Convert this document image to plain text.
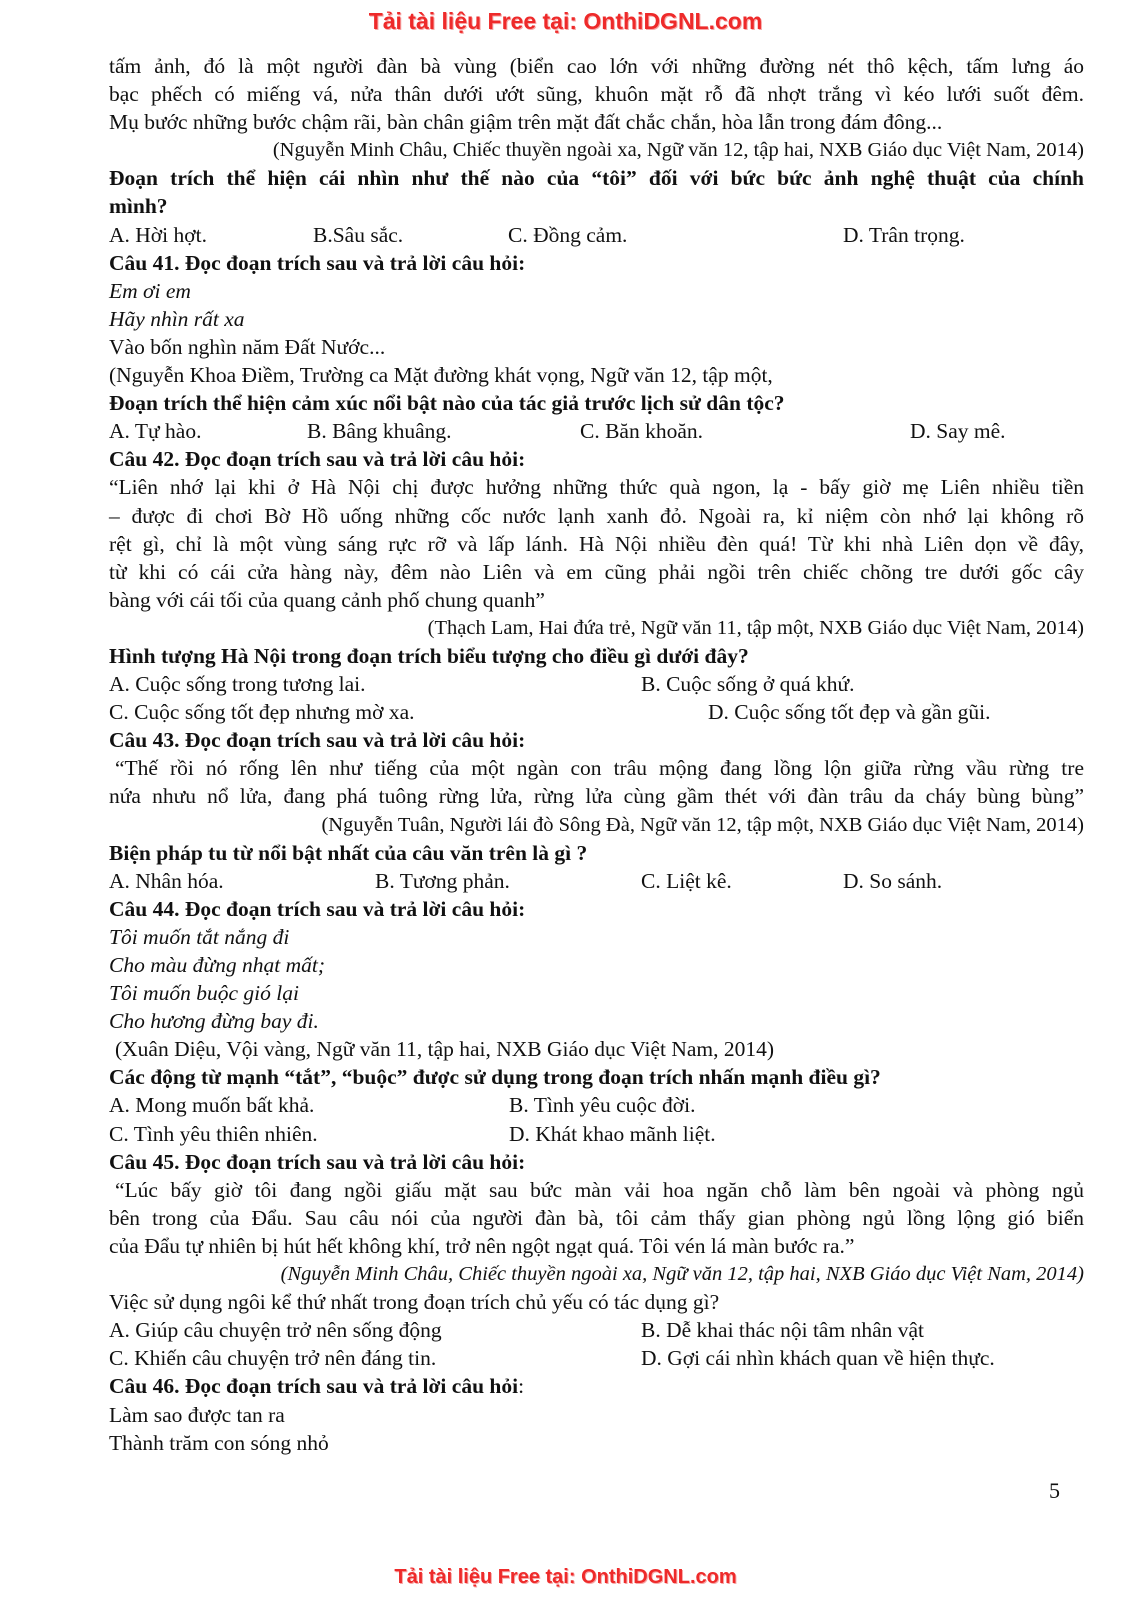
Tải tài liệu Free tại: OnthiDGNL.com
tấm ảnh, đó là một người đàn bà vùng (biển cao lớn với những đường nét thô kệch, tấm lưng áo
bạc phếch có miếng vá, nửa thân dưới ướt sũng, khuôn mặt rỗ đã nhợt trắng vì kéo lưới suốt đêm.
Mụ bước những bước chậm rãi, bàn chân giậm trên mặt đất chắc chắn, hòa lẫn trong đám đông...
(Nguyễn Minh Châu, Chiếc thuyền ngoài xa, Ngữ văn 12, tập hai, NXB Giáo dục Việt Nam, 2014)
Đoạn trích thể hiện cái nhìn như thế nào của “tôi” đối với bức bức ảnh nghệ thuật của chính
mình?
A. Hời hợt.	B.Sâu sắc.	C. Đồng cảm.	D. Trân trọng.
Câu 41. Đọc đoạn trích sau và trả lời câu hỏi:
Em ơi em
Hãy nhìn rất xa
Vào bốn nghìn năm Đất Nước...
(Nguyễn Khoa Điềm, Trường ca Mặt đường khát vọng, Ngữ văn 12, tập một,
Đoạn trích thể hiện cảm xúc nổi bật nào của tác giả trước lịch sử dân tộc?
A. Tự hào.	B. Bâng khuâng.	C. Băn khoăn.	D. Say mê.
Câu 42. Đọc đoạn trích sau và trả lời câu hỏi:
“Liên nhớ lại khi ở Hà Nội chị được hưởng những thức quà ngon, lạ - bấy giờ mẹ Liên nhiều tiền
– được đi chơi Bờ Hồ uống những cốc nước lạnh xanh đỏ. Ngoài ra, kỉ niệm còn nhớ lại không rõ
rệt gì, chỉ là một vùng sáng rực rỡ và lấp lánh. Hà Nội nhiều đèn quá! Từ khi nhà Liên dọn về đây,
từ khi có cái cửa hàng này, đêm nào Liên và em cũng phải ngồi trên chiếc chõng tre dưới gốc cây
bàng với cái tối của quang cảnh phố chung quanh”
(Thạch Lam, Hai đứa trẻ, Ngữ văn 11, tập một, NXB Giáo dục Việt Nam, 2014)
Hình tượng Hà Nội trong đoạn trích biểu tượng cho điều gì dưới đây?
A. Cuộc sống trong tương lai.	B. Cuộc sống ở quá khứ.
C. Cuộc sống tốt đẹp nhưng mờ xa.	D. Cuộc sống tốt đẹp và gần gũi.
Câu 43. Đọc đoạn trích sau và trả lời câu hỏi:
“Thế rồi nó rống lên như tiếng của một ngàn con trâu mộng đang lồng lộn giữa rừng vầu rừng tre
nứa nhưu nổ lửa, đang phá tuông rừng lửa, rừng lửa cùng gầm thét với đàn trâu da cháy bùng bùng”
(Nguyễn Tuân, Người lái đò Sông Đà, Ngữ văn 12, tập một, NXB Giáo dục Việt Nam, 2014)
Biện pháp tu từ nổi bật nhất của câu văn trên là gì ?
A. Nhân hóa.	B. Tương phản.	C. Liệt kê.	D. So sánh.
Câu 44. Đọc đoạn trích sau và trả lời câu hỏi:
Tôi muốn tắt nắng đi
Cho màu đừng nhạt mất;
Tôi muốn buộc gió lại
Cho hương đừng bay đi.
(Xuân Diệu, Vội vàng, Ngữ văn 11, tập hai, NXB Giáo dục Việt Nam, 2014)
Các động từ mạnh “tắt”, “buộc” được sử dụng trong đoạn trích nhấn mạnh điều gì?
A. Mong muốn bất khả.	B. Tình yêu cuộc đời.
C. Tình yêu thiên nhiên.	D. Khát khao mãnh liệt.
Câu 45. Đọc đoạn trích sau và trả lời câu hỏi:
“Lúc bấy giờ tôi đang ngồi giấu mặt sau bức màn vải hoa ngăn chỗ làm bên ngoài và phòng ngủ
bên trong của Đẩu. Sau câu nói của người đàn bà, tôi cảm thấy gian phòng ngủ lồng lộng gió biển
của Đẩu tự nhiên bị hút hết không khí, trở nên ngột ngạt quá. Tôi vén lá màn bước ra.”
(Nguyễn Minh Châu, Chiếc thuyền ngoài xa, Ngữ văn 12, tập hai, NXB Giáo dục Việt Nam, 2014)
Việc sử dụng ngôi kể thứ nhất trong đoạn trích chủ yếu có tác dụng gì?
A. Giúp câu chuyện trở nên sống động	B. Dễ khai thác nội tâm nhân vật
C. Khiến câu chuyện trở nên đáng tin.	D. Gợi cái nhìn khách quan về hiện thực.
Câu 46. Đọc đoạn trích sau và trả lời câu hỏi:
Làm sao được tan ra
Thành trăm con sóng nhỏ
5
Tải tài liệu Free tại: OnthiDGNL.com
